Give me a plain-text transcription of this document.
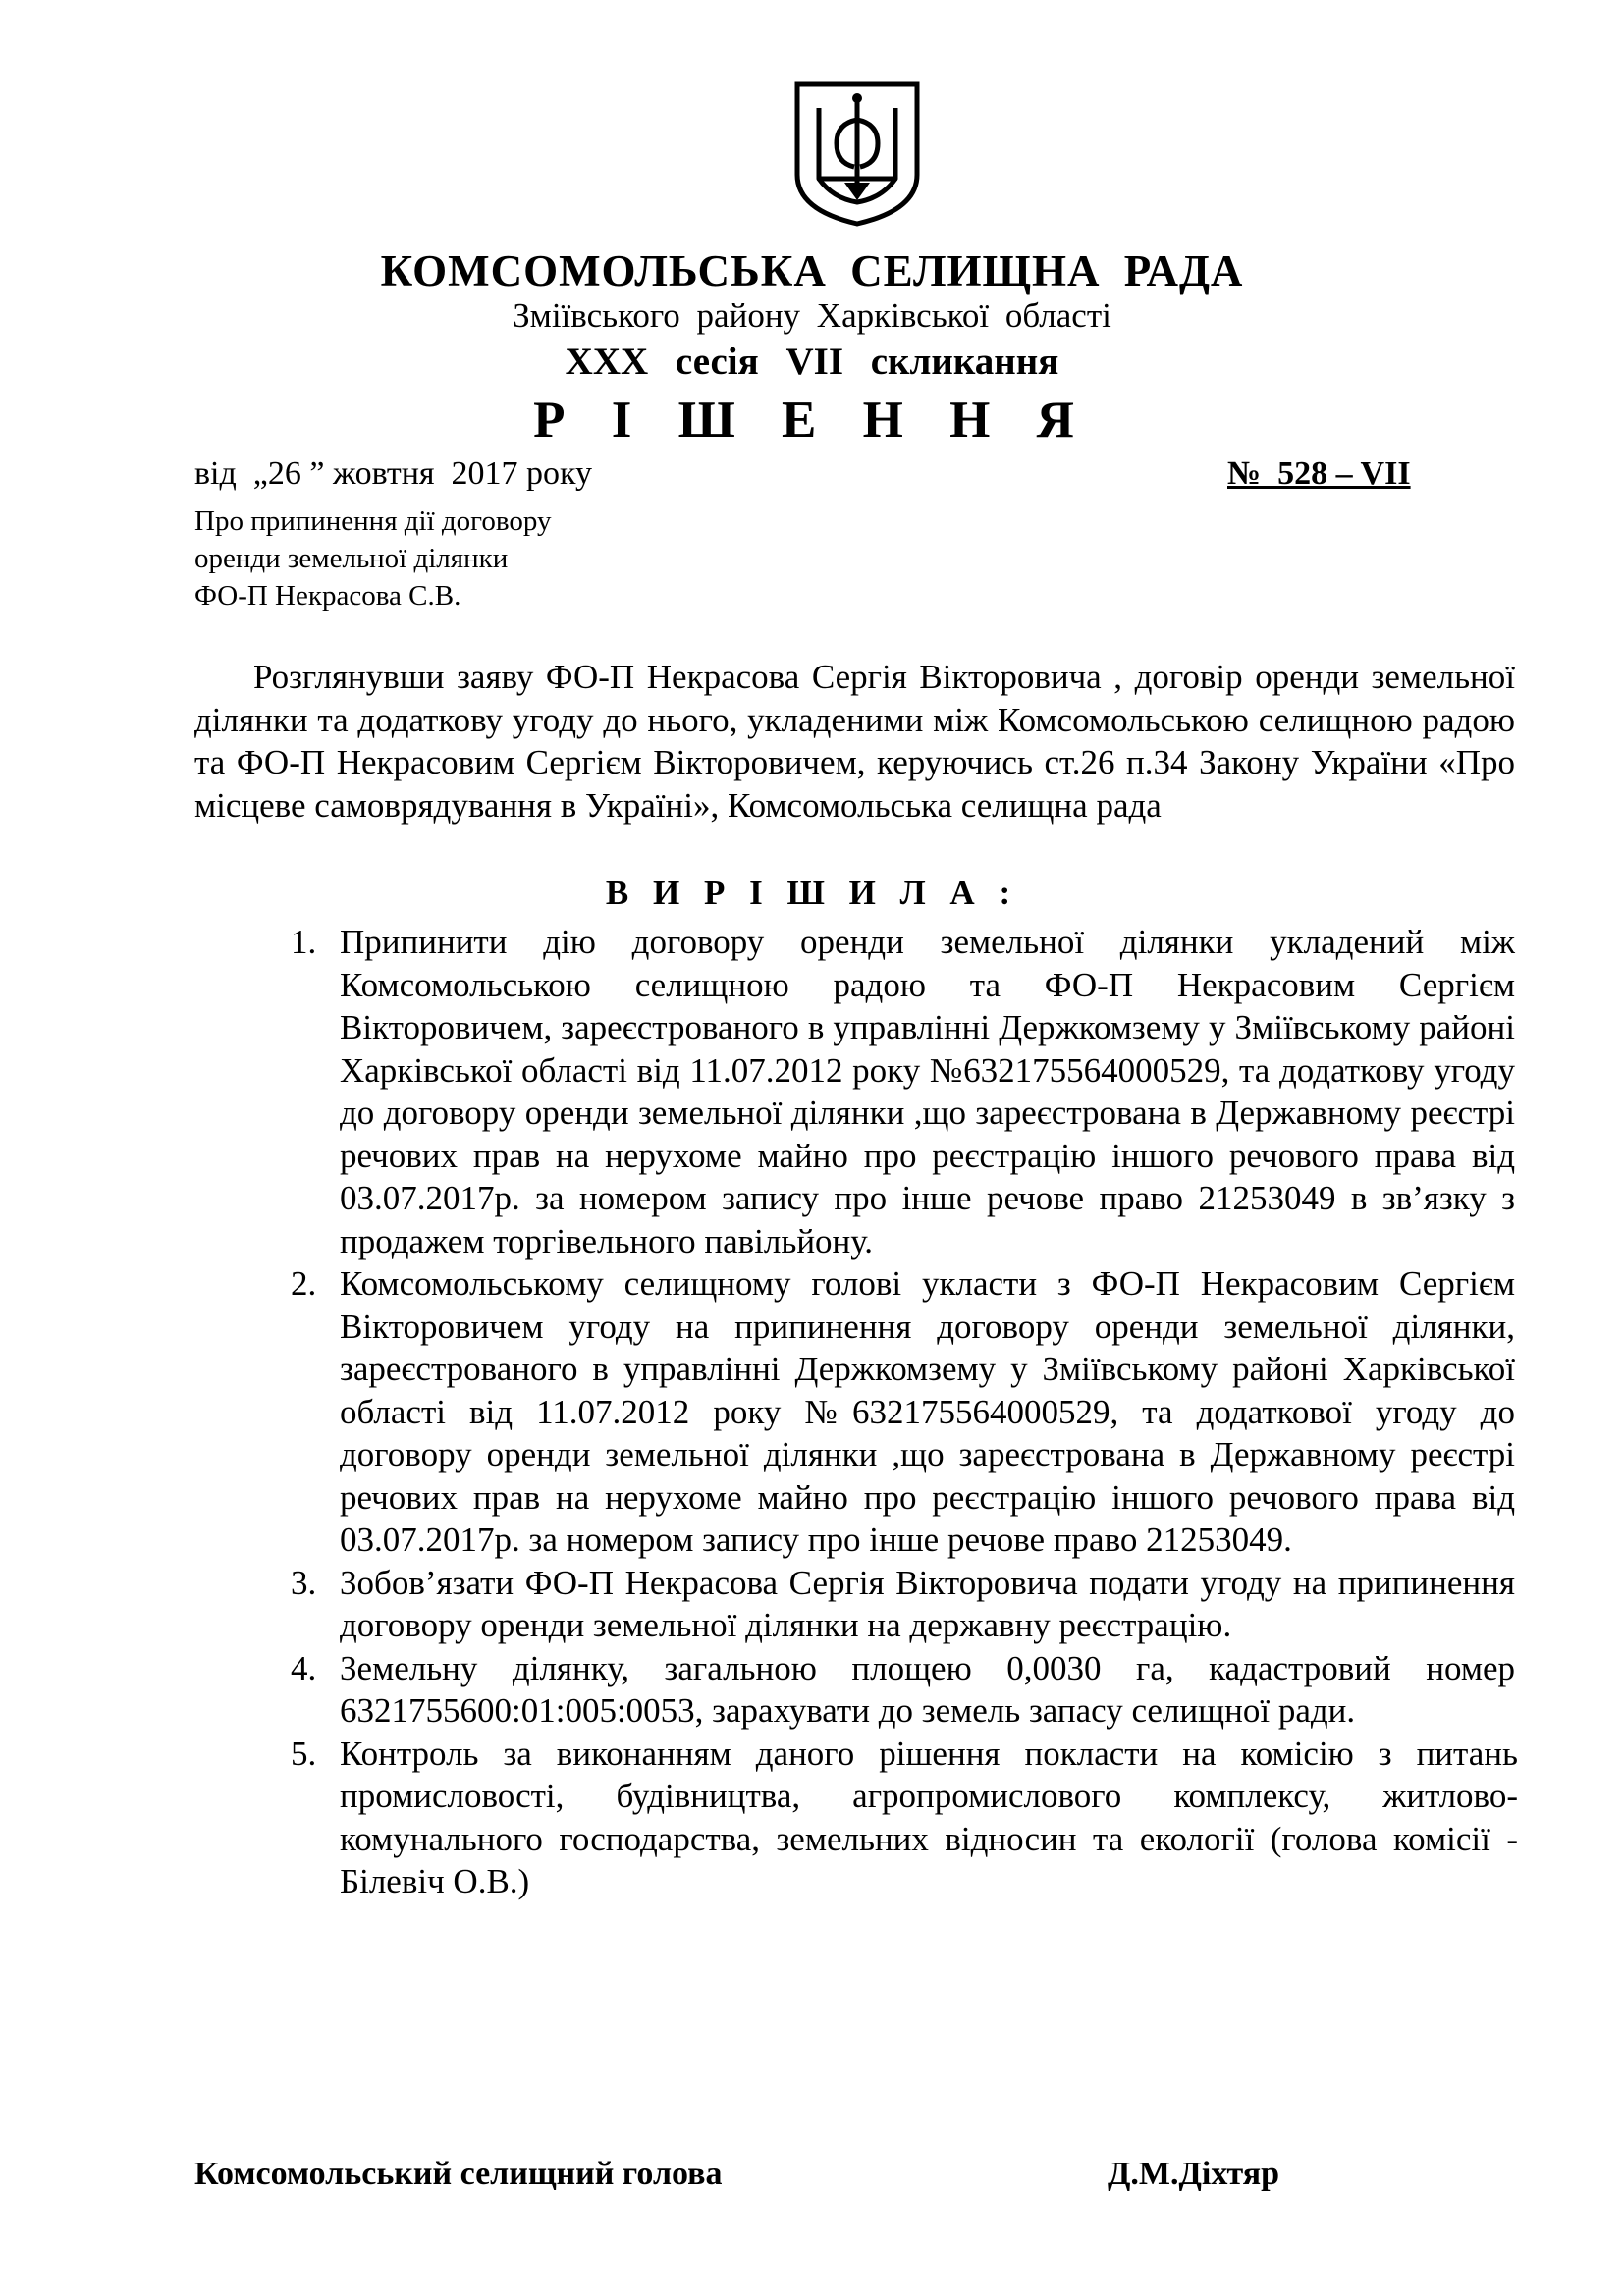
КОМСОМОЛЬСЬКА СЕЛИЩНА РАДА
Зміївського району Харківської області
ХХХ сесія VІІ скликання
Р І Ш Е Н Н Я
від  „26 ” жовтня  2017 року	№  528 – VІІ
Про припинення дії договору
оренди земельної ділянки
ФО-П Некрасова С.В.
Розглянувши заяву ФО-П Некрасова Сергія Вікторовича , договір оренди земельної ділянки та додаткову угоду до нього, укладеними між Комсомольською селищною радою та ФО-П Некрасовим Сергієм Вікторовичем, керуючись ст.26 п.34 Закону України «Про місцеве самоврядування в Україні», Комсомольська селищна рада
В И Р І Ш И Л А :
1. Припинити дію договору оренди земельної ділянки укладений між Комсомольською селищною радою та ФО-П Некрасовим Сергієм Вікторовичем, зареєстрованого в управлінні Держкомзему у Зміївському районі Харківської області від 11.07.2012 року №632175564000529, та додаткову угоду до договору оренди земельної ділянки ,що зареєстрована в Державному реєстрі речових прав на нерухоме майно про реєстрацію іншого речового права від 03.07.2017р. за номером запису про інше речове право 21253049 в зв’язку з продажем торгівельного павільйону.
2. Комсомольському селищному голові укласти з ФО-П Некрасовим Сергієм Вікторовичем угоду на припинення договору оренди земельної ділянки, зареєстрованого в управлінні Держкомзему у Зміївському районі Харківської області від 11.07.2012 року №632175564000529, та додаткової угоду до договору оренди земельної ділянки ,що зареєстрована в Державному реєстрі речових прав на нерухоме майно про реєстрацію іншого речового права від 03.07.2017р. за номером запису про інше речове право 21253049.
3. Зобов’язати ФО-П Некрасова Сергія Вікторовича подати угоду на припинення договору оренди земельної ділянки на державну реєстрацію.
4. Земельну ділянку, загальною площею 0,0030 га, кадастровий номер 6321755600:01:005:0053, зарахувати до земель запасу селищної ради.
5. Контроль за виконанням даного рішення покласти на комісію з питань промисловості, будівництва, агропромислового комплексу, житлово-комунального господарства, земельних відносин та екології (голова комісії - Білевіч О.В.)
Комсомольський селищний голова	Д.М.Діхтяр
